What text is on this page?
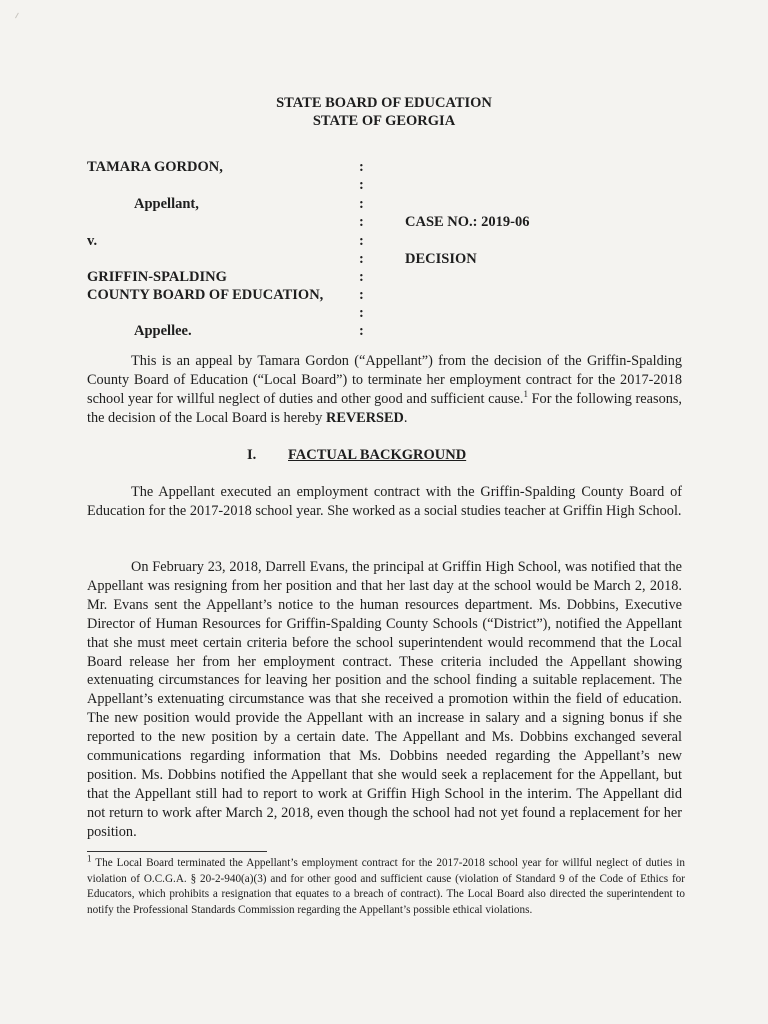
STATE BOARD OF EDUCATION
STATE OF GEORGIA
TAMARA GORDON,
Appellant,
v.
GRIFFIN-SPALDING
COUNTY BOARD OF EDUCATION,
Appellee.
:
:
:
:
:
:
:
:
:
:
CASE NO.: 2019-06
DECISION
This is an appeal by Tamara Gordon (“Appellant”) from the decision of the Griffin-Spalding County Board of Education (“Local Board”) to terminate her employment contract for the 2017-2018 school year for willful neglect of duties and other good and sufficient cause.$^1$ For the following reasons, the decision of the Local Board is hereby REVERSED.
I. FACTUAL BACKGROUND
The Appellant executed an employment contract with the Griffin-Spalding County Board of Education for the 2017-2018 school year. She worked as a social studies teacher at Griffin High School.
On February 23, 2018, Darrell Evans, the principal at Griffin High School, was notified that the Appellant was resigning from her position and that her last day at the school would be March 2, 2018. Mr. Evans sent the Appellant’s notice to the human resources department. Ms. Dobbins, Executive Director of Human Resources for Griffin-Spalding County Schools (“District”), notified the Appellant that she must meet certain criteria before the school superintendent would recommend that the Local Board release her from her employment contract. These criteria included the Appellant showing extenuating circumstances for leaving her position and the school finding a suitable replacement. The Appellant’s extenuating circumstance was that she received a promotion within the field of education. The new position would provide the Appellant with an increase in salary and a signing bonus if she reported to the new position by a certain date. The Appellant and Ms. Dobbins exchanged several communications regarding information that Ms. Dobbins needed regarding the Appellant’s new position. Ms. Dobbins notified the Appellant that she would seek a replacement for the Appellant, but that the Appellant still had to report to work at Griffin High School in the interim. The Appellant did not return to work after March 2, 2018, even though the school had not yet found a replacement for her position.
$^1$ The Local Board terminated the Appellant’s employment contract for the 2017-2018 school year for willful neglect of duties in violation of O.C.G.A. § 20-2-940(a)(3) and for other good and sufficient cause (violation of Standard 9 of the Code of Ethics for Educators, which prohibits a resignation that equates to a breach of contract). The Local Board also directed the superintendent to notify the Professional Standards Commission regarding the Appellant’s possible ethical violations.
